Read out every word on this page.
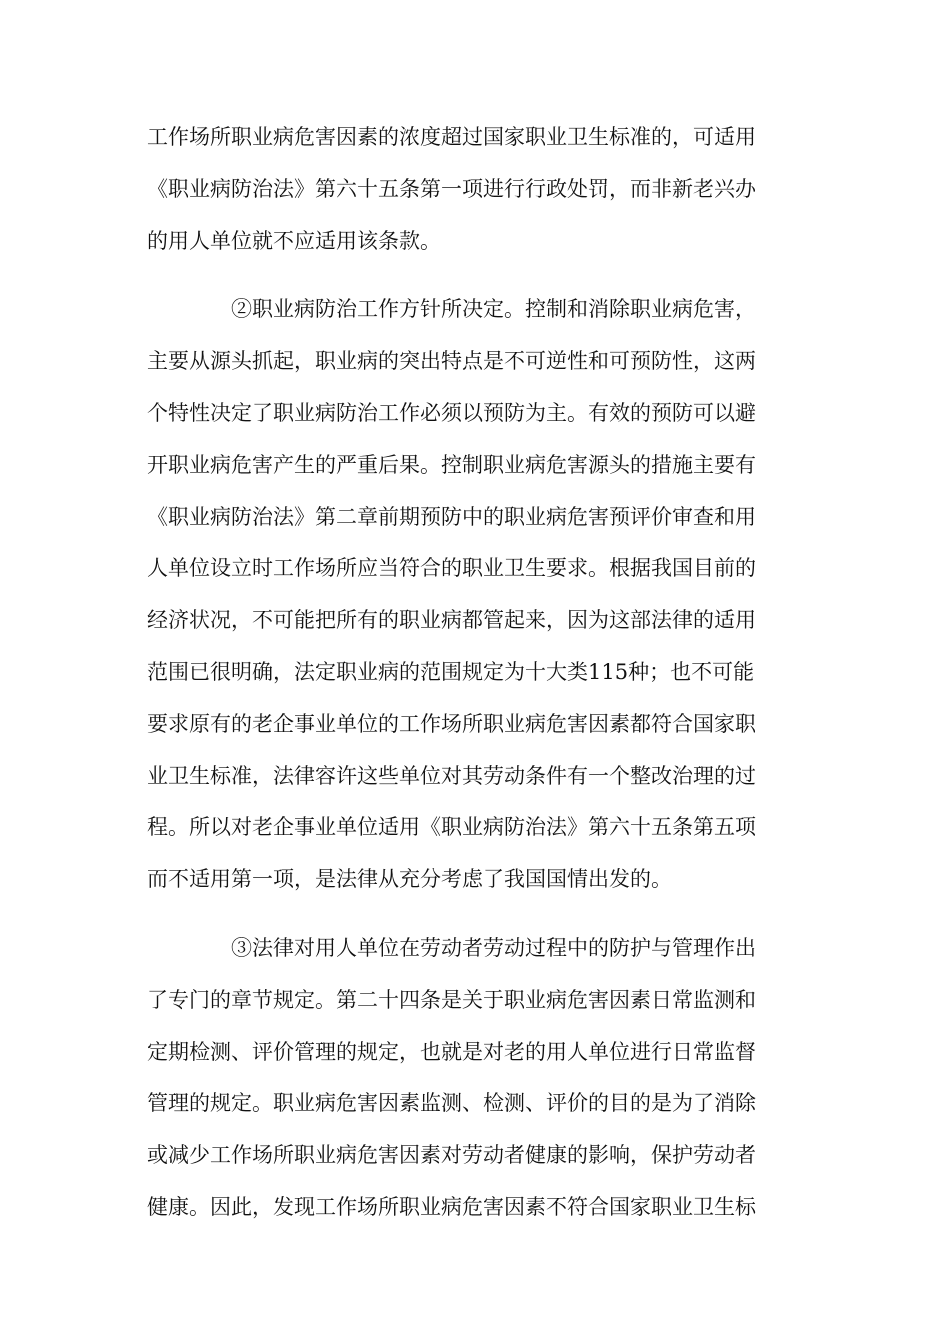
工作场所职业病危害因素的浓度超过国家职业卫生标准的，可适用
《职业病防治法》第六十五条第一项进行行政处罚，而非新老兴办
的用人单位就不应适用该条款。
②职业病防治工作方针所决定。控制和消除职业病危害，
主要从源头抓起，职业病的突出特点是不可逆性和可预防性，这两
个特性决定了职业病防治工作必须以预防为主。有效的预防可以避
开职业病危害产生的严重后果。控制职业病危害源头的措施主要有
《职业病防治法》第二章前期预防中的职业病危害预评价审查和用
人单位设立时工作场所应当符合的职业卫生要求。根据我国目前的
经济状况，不可能把所有的职业病都管起来，因为这部法律的适用
范围已很明确，法定职业病的范围规定为十大类115种；也不可能
要求原有的老企事业单位的工作场所职业病危害因素都符合国家职
业卫生标准，法律容许这些单位对其劳动条件有一个整改治理的过
程。所以对老企事业单位适用《职业病防治法》第六十五条第五项
而不适用第一项，是法律从充分考虑了我国国情出发的。
③法律对用人单位在劳动者劳动过程中的防护与管理作出
了专门的章节规定。第二十四条是关于职业病危害因素日常监测和
定期检测、评价管理的规定，也就是对老的用人单位进行日常监督
管理的规定。职业病危害因素监测、检测、评价的目的是为了消除
或减少工作场所职业病危害因素对劳动者健康的影响，保护劳动者
健康。因此，发现工作场所职业病危害因素不符合国家职业卫生标
